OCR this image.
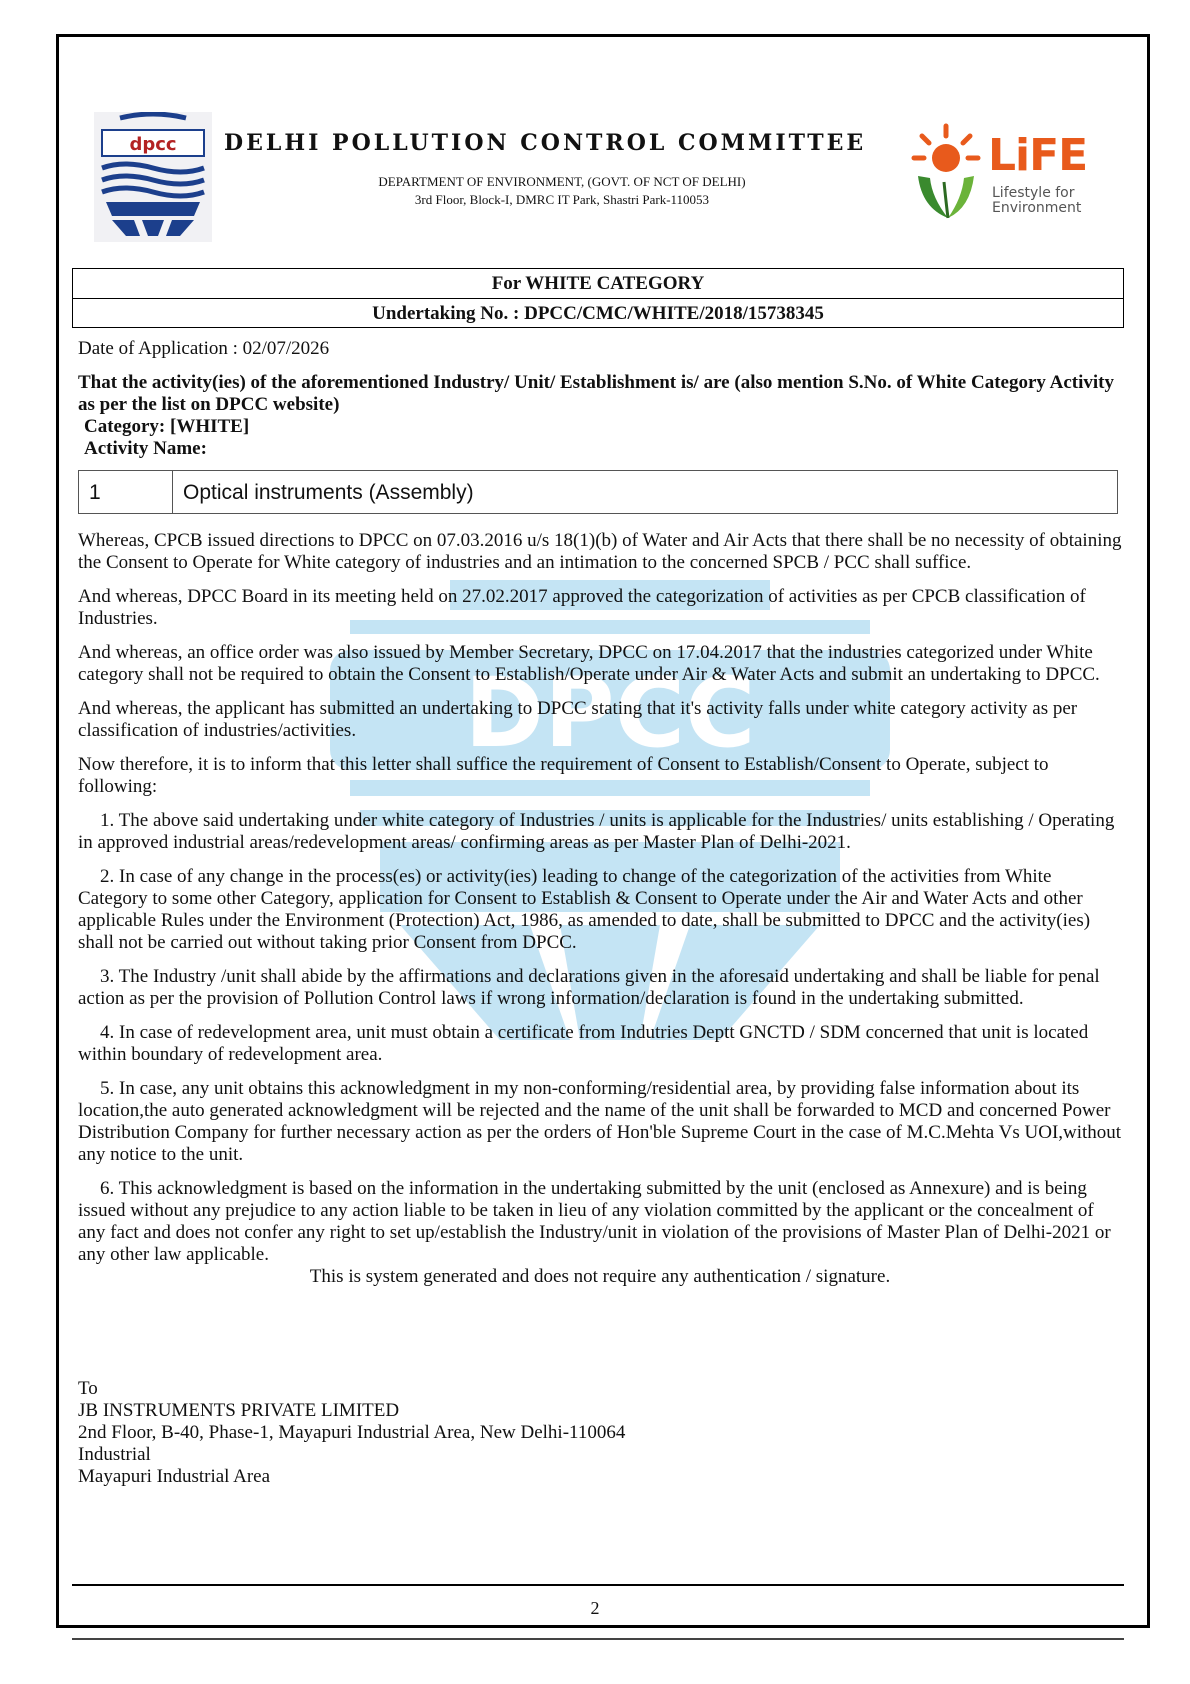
DPCC
dpcc DELHI POLLUTION CONTROL COMMITTEE
DEPARTMENT OF ENVIRONMENT, (GOVT. OF NCT OF DELHI)
3rd Floor, Block-I, DMRC IT Park, Shastri Park-110053
LiFE
Lifestyle for
Environment
For WHITE CATEGORY
Undertaking No. : DPCC/CMC/WHITE/2018/15738345
Date of Application : 02/07/2026
That the activity(ies) of the aforementioned Industry/ Unit/ Establishment is/ are (also mention S.No. of White Category Activity as per the list on DPCC website)
Category: [WHITE]
Activity Name:
1	Optical instruments (Assembly)

Whereas, CPCB issued directions to DPCC on 07.03.2016 u/s 18(1)(b) of Water and Air Acts that there shall be no necessity of obtaining the Consent to Operate for White category of industries and an intimation to the concerned SPCB / PCC shall suffice.

And whereas, DPCC Board in its meeting held on 27.02.2017 approved the categorization of activities as per CPCB classification of Industries.

And whereas, an office order was also issued by Member Secretary, DPCC on 17.04.2017 that the industries categorized under White category shall not be required to obtain the Consent to Establish/Operate under Air & Water Acts and submit an undertaking to DPCC.

And whereas, the applicant has submitted an undertaking to DPCC stating that it's activity falls under white category activity as per classification of industries/activities.

Now therefore, it is to inform that this letter shall suffice the requirement of Consent to Establish/Consent to Operate, subject to following:

1. The above said undertaking under white category of Industries / units is applicable for the Industries/ units establishing / Operating in approved industrial areas/redevelopment areas/ confirming areas as per Master Plan of Delhi-2021.

2. In case of any change in the process(es) or activity(ies) leading to change of the categorization of the activities from White Category to some other Category, application for Consent to Establish & Consent to Operate under the Air and Water Acts and other applicable Rules under the Environment (Protection) Act, 1986, as amended to date, shall be submitted to DPCC and the activity(ies) shall not be carried out without taking prior Consent from DPCC.

3. The Industry /unit shall abide by the affirmations and declarations given in the aforesaid undertaking and shall be liable for penal action as per the provision of Pollution Control laws if wrong information/declaration is found in the undertaking submitted.

4. In case of redevelopment area, unit must obtain a certificate from Indutries Deptt GNCTD / SDM concerned that unit is located within boundary of redevelopment area.

5. In case, any unit obtains this acknowledgment in my non-conforming/residential area, by providing false information about its location,the auto generated acknowledgment will be rejected and the name of the unit shall be forwarded to MCD and concerned Power Distribution Company for further necessary action as per the orders of Hon'ble Supreme Court in the case of M.C.Mehta Vs UOI,without any notice to the unit.

6. This acknowledgment is based on the information in the undertaking submitted by the unit (enclosed as Annexure) and is being issued without any prejudice to any action liable to be taken in lieu of any violation committed by the applicant or the concealment of any fact and does not confer any right to set up/establish the Industry/unit in violation of the provisions of Master Plan of Delhi-2021 or any other law applicable.

This is system generated and does not require any authentication / signature.

To
JB INSTRUMENTS PRIVATE LIMITED
2nd Floor, B-40, Phase-1, Mayapuri Industrial Area, New Delhi-110064
Industrial
Mayapuri Industrial Area
2
